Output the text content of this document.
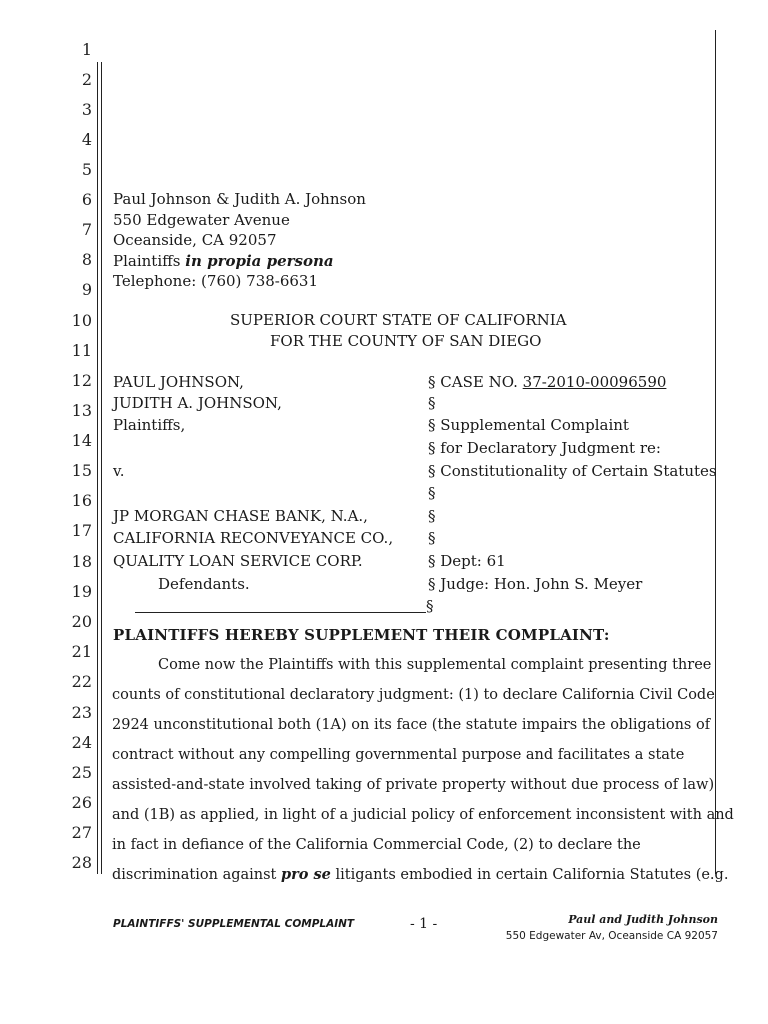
1
2
3
4
5
6
7
8
9
10
11
12
13
14
15
16
17
18
19
20
21
22
23
24
25
26
27
28
Paul Johnson & Judith A. Johnson
550 Edgewater Avenue
Oceanside, CA 92057
Plaintiffs in propia persona
Telephone: (760) 738-6631
SUPERIOR COURT STATE OF CALIFORNIA
FOR THE COUNTY OF SAN DIEGO
PAUL JOHNSON,
JUDITH A. JOHNSON,
Plaintiffs,
v.
JP MORGAN CHASE BANK, N.A.,
CALIFORNIA RECONVEYANCE CO.,
QUALITY LOAN SERVICE CORP.
Defendants.
§ CASE NO. 37-2010-00096590
§
§ Supplemental Complaint
§ for Declaratory Judgment re:
§ Constitutionality of Certain Statutes
§
§
§
§ Dept: 61
§ Judge: Hon. John S. Meyer
§
PLAINTIFFS HEREBY SUPPLEMENT THEIR COMPLAINT:
Come now the Plaintiffs with this supplemental complaint presenting three
counts of constitutional declaratory judgment: (1) to declare California Civil Code
2924 unconstitutional both (1A) on its face (the statute impairs the obligations of
contract without any compelling governmental purpose and facilitates a state
assisted-and-state involved taking of private property without due process of law)
and (1B) as applied, in light of a judicial policy of enforcement inconsistent with and
in fact in defiance of the California Commercial Code, (2) to declare the
discrimination against pro se litigants embodied in certain California Statutes (e.g.
PLAINTIFFS' SUPPLEMENTAL COMPLAINT	- 1 -	Paul and Judith Johnson
550 Edgewater Av, Oceanside CA 92057
